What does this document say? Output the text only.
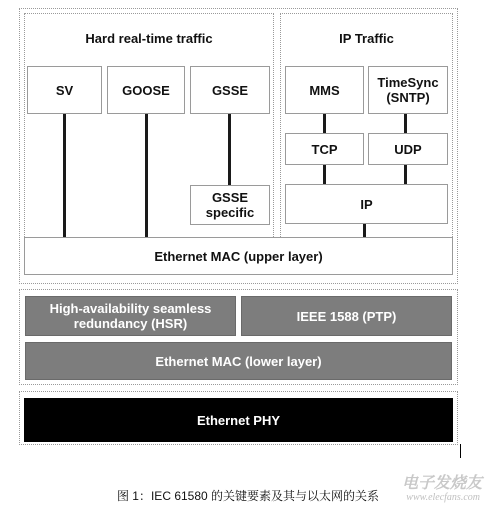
Hard real-time traffic	IP Traffic
SV	GOOSE	GSSE
GSSE specific
MMS	TimeSync (SNTP)
TCP	UDP
IP
Ethernet MAC (upper layer)
High-availability seamless redundancy (HSR)	IEEE 1588 (PTP)
Ethernet MAC (lower layer)
Ethernet PHY
电子发烧友
www.elecfans.com
图 1：IEC 61580 的关键要素及其与以太网的关系
